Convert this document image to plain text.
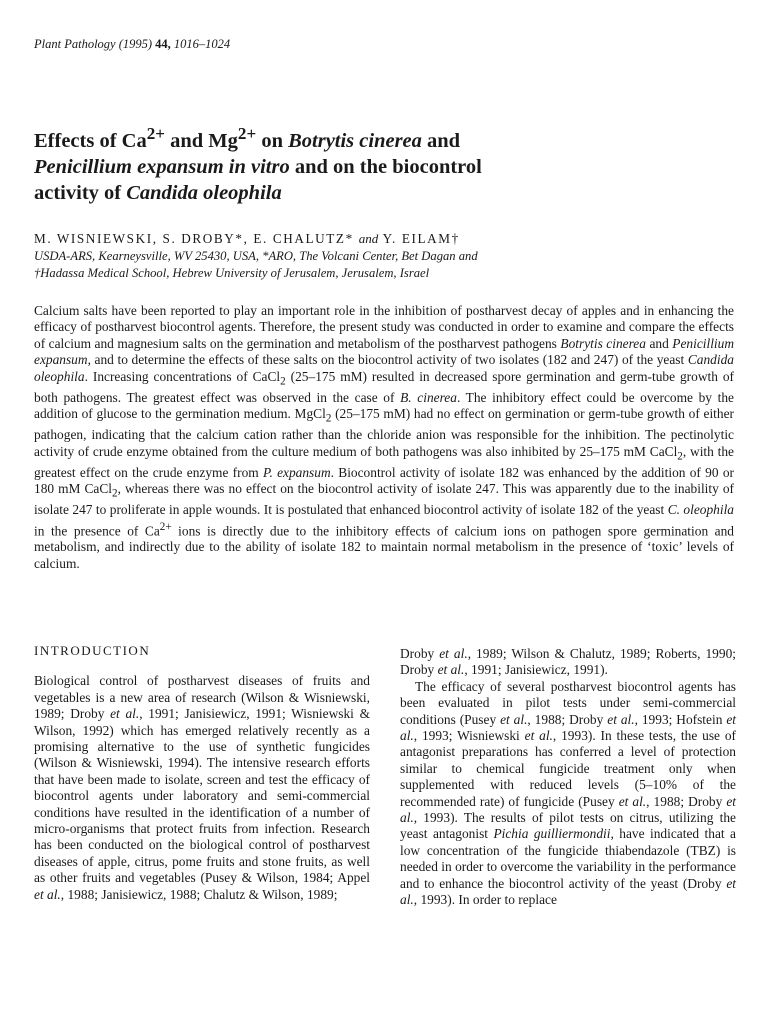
Plant Pathology (1995) 44, 1016–1024
Effects of $Ca^{2+}$ and $Mg^{2+}$ on Botrytis cinerea and
Penicillium expansum in vitro and on the biocontrol
activity of Candida oleophila
M. WISNIEWSKI, S. DROBY*, E. CHALUTZ* and Y. EILAM†
USDA-ARS, Kearneysville, WV 25430, USA, *ARO, The Volcani Center, Bet Dagan and
†Hadassa Medical School, Hebrew University of Jerusalem, Jerusalem, Israel
Calcium salts have been reported to play an important role in the inhibition of postharvest decay of apples and in enhancing the efficacy of postharvest biocontrol agents. Therefore, the present study was conducted in order to examine and compare the effects of calcium and magnesium salts on the germination and metabolism of the postharvest pathogens Botrytis cinerea and Penicillium expansum, and to determine the effects of these salts on the biocontrol activity of two isolates (182 and 247) of the yeast Candida oleophila. Increasing concentrations of CaCl$_2$ (25–175 mM) resulted in decreased spore germination and germ-tube growth of both pathogens. The greatest effect was observed in the case of B. cinerea. The inhibitory effect could be overcome by the addition of glucose to the germination medium. MgCl$_2$ (25–175 mM) had no effect on germination or germ-tube growth of either pathogen, indicating that the calcium cation rather than the chloride anion was responsible for the inhibition. The pectinolytic activity of crude enzyme obtained from the culture medium of both pathogens was also inhibited by 25–175 mM CaCl$_2$, with the greatest effect on the crude enzyme from P. expansum. Biocontrol activity of isolate 182 was enhanced by the addition of 90 or 180 mM CaCl$_2$, whereas there was no effect on the biocontrol activity of isolate 247. This was apparently due to the inability of isolate 247 to proliferate in apple wounds. It is postulated that enhanced biocontrol activity of isolate 182 of the yeast C. oleophila in the presence of $Ca^{2+}$ ions is directly due to the inhibitory effects of calcium ions on pathogen spore germination and metabolism, and indirectly due to the ability of isolate 182 to maintain normal metabolism in the presence of ‘toxic’ levels of calcium.
INTRODUCTION

Biological control of postharvest diseases of fruits and vegetables is a new area of research (Wilson & Wisniewski, 1989; Droby et al., 1991; Janisiewicz, 1991; Wisniewski & Wilson, 1992) which has emerged relatively recently as a promising alternative to the use of synthetic fungicides (Wilson & Wisniewski, 1994). The intensive research efforts that have been made to isolate, screen and test the efficacy of biocontrol agents under laboratory and semi-commercial conditions have resulted in the identification of a number of micro-organisms that protect fruits from infection. Research has been conducted on the biological control of postharvest diseases of apple, citrus, pome fruits and stone fruits, as well as other fruits and vegetables (Pusey & Wilson, 1984; Appel et al., 1988; Janisiewicz, 1988; Chalutz & Wilson, 1989;

Droby et al., 1989; Wilson & Chalutz, 1989; Roberts, 1990; Droby et al., 1991; Janisiewicz, 1991).

The efficacy of several postharvest biocontrol agents has been evaluated in pilot tests under semi-commercial conditions (Pusey et al., 1988; Droby et al., 1993; Hofstein et al., 1993; Wisniewski et al., 1993). In these tests, the use of antagonist preparations has conferred a level of protection similar to chemical fungicide treatment only when supplemented with reduced levels (5–10% of the recommended rate) of fungicide (Pusey et al., 1988; Droby et al., 1993). The results of pilot tests on citrus, utilizing the yeast antagonist Pichia guilliermondii, have indicated that a low concentration of the fungicide thiabendazole (TBZ) is needed in order to overcome the variability in the performance and to enhance the biocontrol activity of the yeast (Droby et al., 1993). In order to replace
